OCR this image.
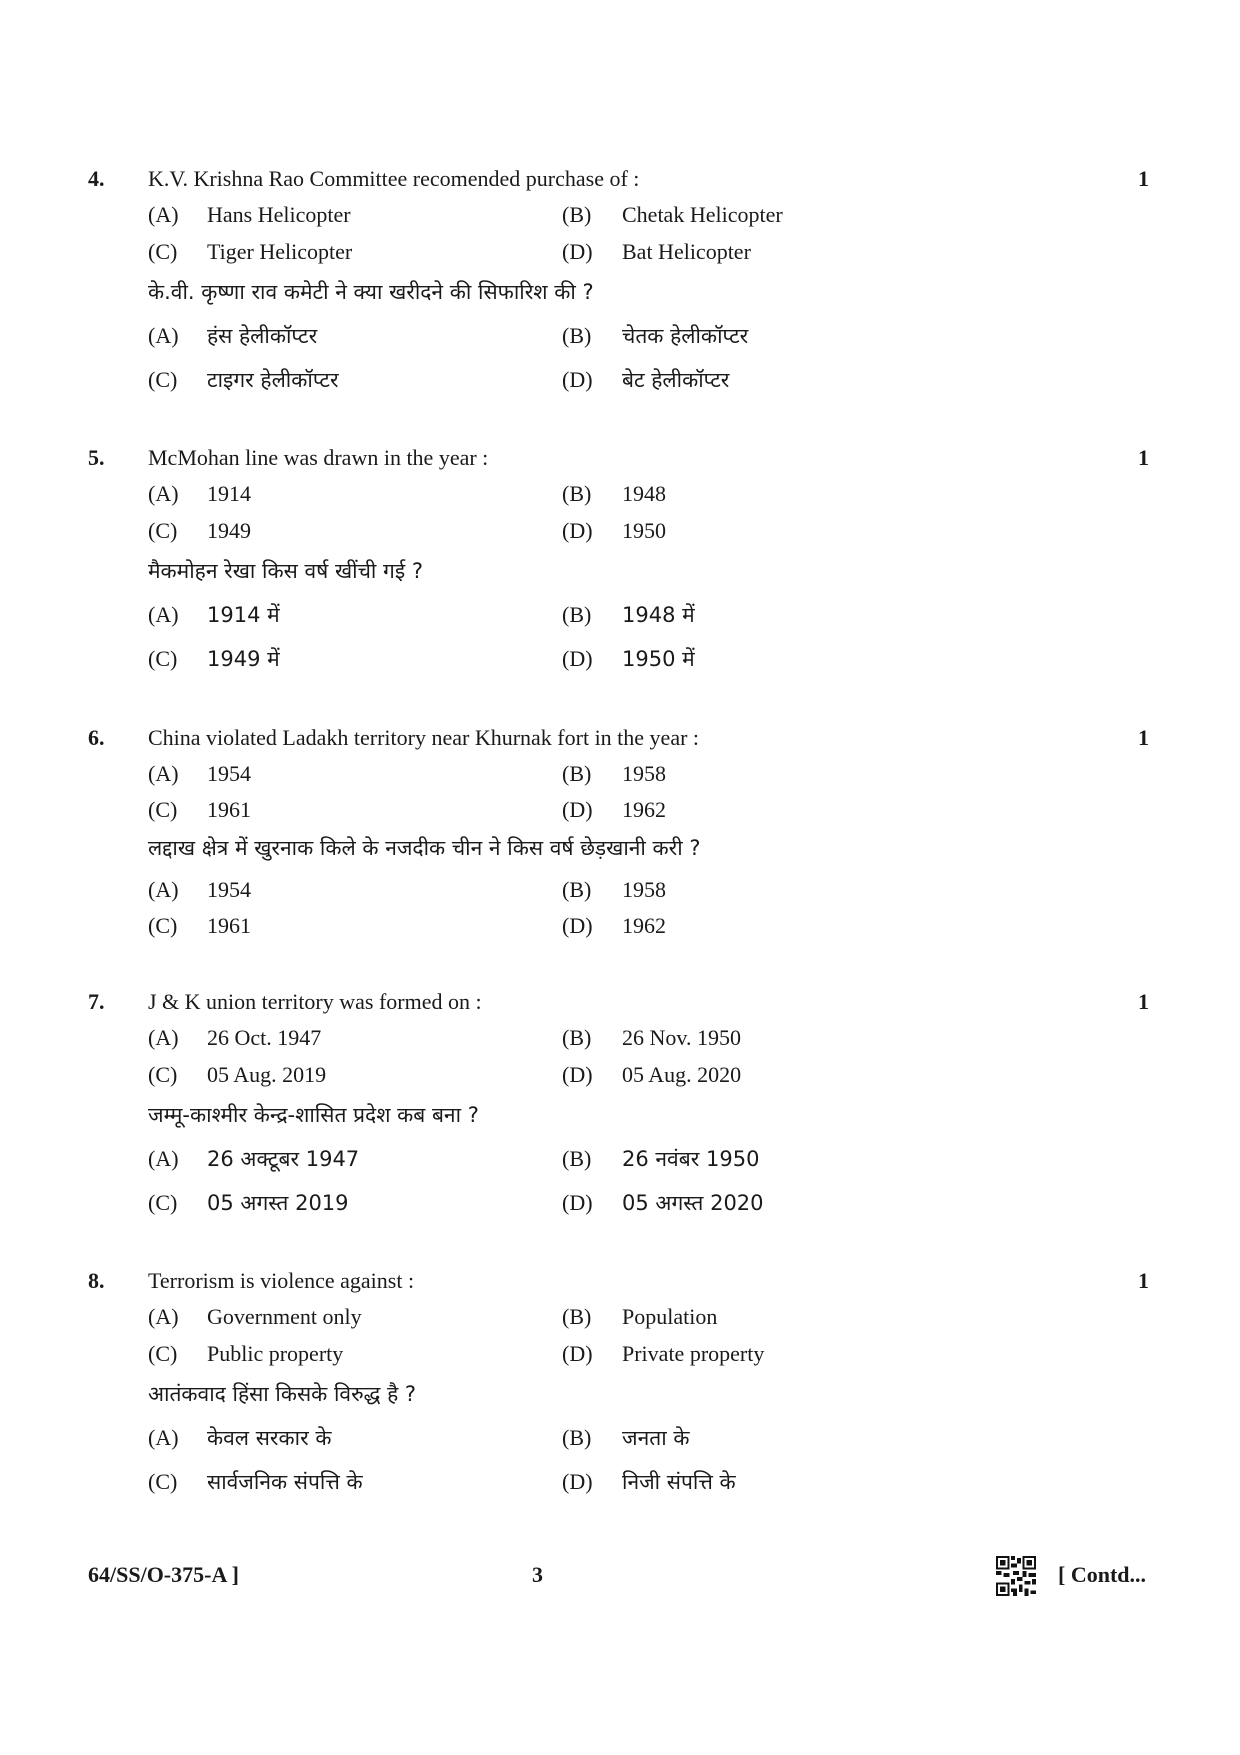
4. K.V. Krishna Rao Committee recomended purchase of :	1
(A) Hans Helicopter	(B) Chetak Helicopter
(C) Tiger Helicopter	(D) Bat Helicopter
के.वी. कृष्णा राव कमेटी ने क्या खरीदने की सिफारिश की ?
(A) हंस हेलीकॉप्टर	(B) चेतक हेलीकॉप्टर
(C) टाइगर हेलीकॉप्टर	(D) बेट हेलीकॉप्टर
5. McMohan line was drawn in the year :	1
(A) 1914	(B) 1948
(C) 1949	(D) 1950
मैकमोहन रेखा किस वर्ष खींची गई ?
(A) 1914 में	(B) 1948 में
(C) 1949 में	(D) 1950 में
6. China violated Ladakh territory near Khurnak fort in the year :	1
(A) 1954	(B) 1958
(C) 1961	(D) 1962
लद्दाख क्षेत्र में खुरनाक किले के नजदीक चीन ने किस वर्ष छेड़खानी करी ?
(A) 1954	(B) 1958
(C) 1961	(D) 1962
7. J & K union territory was formed on :	1
(A) 26 Oct. 1947	(B) 26 Nov. 1950
(C) 05 Aug. 2019	(D) 05 Aug. 2020
जम्मू-काश्मीर केन्द्र-शासित प्रदेश कब बना ?
(A) 26 अक्टूबर 1947	(B) 26 नवंबर 1950
(C) 05 अगस्त 2019	(D) 05 अगस्त 2020
8. Terrorism is violence against :	1
(A) Government only	(B) Population
(C) Public property	(D) Private property
आतंकवाद हिंसा किसके विरुद्ध है ?
(A) केवल सरकार के	(B) जनता के
(C) सार्वजनिक संपत्ति के	(D) निजी संपत्ति के
64/SS/O-375-A ]	3	[ Contd...
